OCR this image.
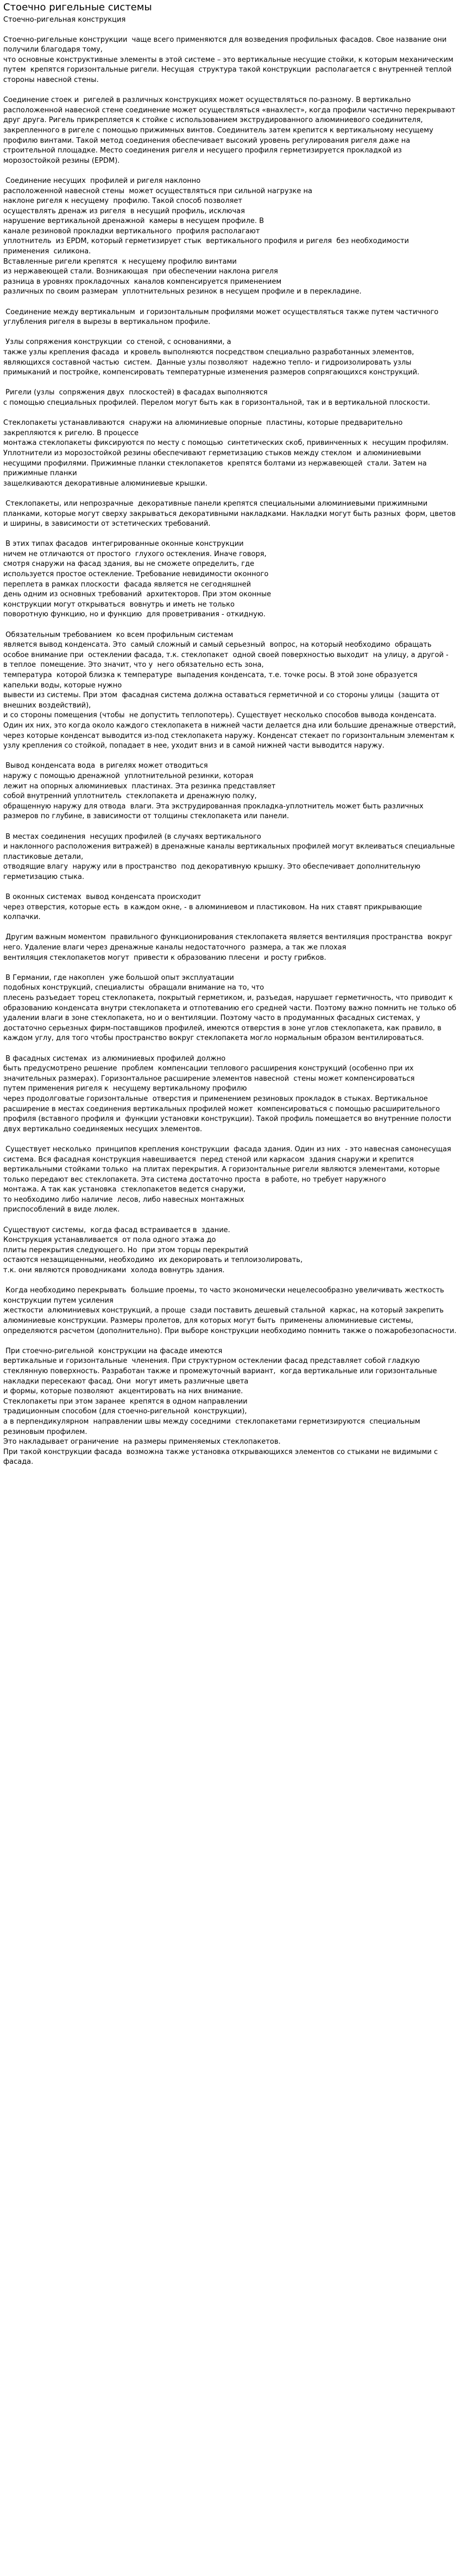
Стоечно ригельные системы
Стоечно-ригельная конструкция

Стоечно-ригельные конструкции  чаще всего применяются для возведения профильных фасадов. Свое название они  получили благодаря тому,
что основные конструктивные элементы в этой системе – это вертикальные несущие стойки, к которым механическим путем  крепятся горизонтальные ригели. Несущая  структура такой конструкции  располагается с внутренней теплой стороны навесной стены.

Соединение стоек и  ригелей в различных конструкциях может осуществляться по-разному. В вертикально расположенной навесной стене соединение может осуществляться «внахлест», когда профили частично перекрывают друг друга. Ригель прикрепляется к стойке с использованием экструдированного алюминиевого соединителя, закрепленного в ригеле с помощью прижимных винтов. Соединитель затем крепится к вертикальному несущему профилю винтами. Такой метод соединения обеспечивает высокий уровень регулирования ригеля даже на строительной площадке. Место соединения ригеля и несущего профиля герметизируется прокладкой из морозостойкой резины (EPDM).

Соединение несущих  профилей и ригеля наклонно
расположенной навесной стены  может осуществляться при сильной нагрузке на
наклоне ригеля к несущему  профилю. Такой способ позволяет
осуществлять дренаж из ригеля  в несущий профиль, исключая
нарушение вертикальной дренажной  камеры в несущем профиле. В
канале резиновой прокладки вертикального  профиля располагают
уплотнитель  из EPDM, который герметизирует стык  вертикального профиля и ригеля  без необходимости применения  силикона.
Вставленные ригели крепятся  к несущему профилю винтами
из нержавеющей стали. Возникающая  при обеспечении наклона ригеля
разница в уровнях прокладочных  каналов компенсируется применением
различных по своим размерам  уплотнительных резинок в несущем профиле и в перекладине.

Соединение между вертикальным  и горизонтальным профилями может осуществляться также путем частичного  углубления ригеля в вырезы в вертикальном профиле.

Узлы сопряжения конструкции  со стеной, с основаниями, а
также узлы крепления фасада  и кровель выполняются посредством специально разработанных элементов,   являющихся составной частью  систем.  Данные узлы позволяют  надежно тепло- и гидроизолировать узлы примыканий и постройке, компенсировать температурные изменения размеров сопрягающихся конструкций.

Ригели (узлы  сопряжения двух  плоскостей) в фасадах выполняются
с помощью специальных профилей. Перелом могут быть как в горизонтальной, так и в вертикальной плоскости.

Стеклопакеты устанавливаются  снаружи на алюминиевые опорные  пластины, которые предварительно закрепляются к ригелю. В процессе
монтажа стеклопакеты фиксируются по месту с помощью  синтетических скоб, привинченных к  несущим профилям. Уплотнители из морозостойкой резины обеспечивают герметизацию стыков между стеклом  и алюминиевыми несущими профилями. Прижимные планки стеклопакетов  крепятся болтами из нержавеющей  стали. Затем на прижимные планки
защелкиваются декоративные алюминиевые крышки.

Стеклопакеты, или непрозрачные  декоративные панели крепятся специальными алюминиевыми прижимными  планками, которые могут сверху закрываться декоративными накладками. Накладки могут быть разных  форм, цветов и ширины, в зависимости от эстетических требований.

В этих типах фасадов  интегрированные оконные конструкции
ничем не отличаются от простого  глухого остекления. Иначе говоря,
смотря снаружи на фасад здания, вы не сможете определить, где
используется простое остекление. Требование невидимости оконного
переплета в рамках плоскости  фасада является не сегодняшней
день одним из основных требований  архитекторов. При этом оконные
конструкции могут открываться  вовнутрь и иметь не только
поворотную функцию, но и функцию  для проветривания - откидную.

Обязательным требованием  ко всем профильным системам
является вывод конденсата. Это  самый сложный и самый серьезный  вопрос, на который необходимо  обращать особое внимание при  остеклении фасада, т.к. стеклопакет  одной своей поверхностью выходит  на улицу, а другой -
в теплое  помещение. Это значит, что у  него обязательно есть зона,
температура  которой близка к температуре  выпадения конденсата, т.е. точке росы. В этой зоне образуется  капельки воды, которые нужно
вывести из системы. При этом  фасадная система должна оставаться герметичной и со стороны улицы  (защита от внешних воздействий),
и со стороны помещения (чтобы  не допустить теплопотерь). Существует несколько способов вывода конденсата. Один их них, это когда около каждого стеклопакета в нижней части делается дна или большие дренажные отверстий, через которые конденсат выводится из-под стеклопакета наружу. Конденсат стекает по горизонтальным элементам к узлу крепления со стойкой, попадает в нее, уходит вниз и в самой нижней части выводится наружу.

Вывод конденсата вода  в ригелях может отводиться
наружу с помощью дренажной  уплотнительной резинки, которая
лежит на опорных алюминиевых  пластинах. Эта резинка представляет
собой внутренний уплотнитель  стеклопакета и дренажную полку,
обращенную наружу для отвода  влаги. Эта экструдированная прокладка-уплотнитель может быть различных размеров по глубине, в зависимости от толщины стеклопакета или панели.

В местах соединения  несущих профилей (в случаях вертикального
и наклонного расположения витражей) в дренажные каналы вертикальных профилей могут вклеиваться специальные  пластиковые детали,
отводящие влагу  наружу или в пространство  под декоративную крышку. Это обеспечивает дополнительную герметизацию стыка.

В оконных системах  вывод конденсата происходит
через отверстия, которые есть  в каждом окне, - в алюминиевом и пластиковом. На них ставят прикрывающие колпачки.

Другим важным моментом  правильного функционирования стеклопакета является вентиляция пространства  вокруг него. Удаление влаги через дренажные каналы недостаточного  размера, а так же плохая
вентиляция стеклопакетов могут  привести к образованию плесени  и росту грибков.

В Германии, где накоплен  уже большой опыт эксплуатации
подобных конструкций, специалисты  обращали внимание на то, что
плесень разъедает торец стеклопакета, покрытый герметиком, и, разъедая, нарушает герметичность, что приводит к образованию конденсата внутри стеклопакета и отпотеванию его средней части. Поэтому важно помнить не только об удалении влаги в зоне стеклопакета, но и о вентиляции. Поэтому часто в продуманных фасадных системах, у достаточно серьезных фирм-поставщиков профилей, имеются отверстия в зоне углов стеклопакета, как правило, в каждом углу, для того чтобы пространство вокруг стеклопакета могло нормальным образом вентилироваться.

В фасадных системах  из алюминиевых профилей должно
быть предусмотрено решение  проблем  компенсации теплового расширения конструкций (особенно при их  значительных размерах). Горизонтальное расширение элементов навесной  стены может компенсироваться
путем применения ригеля к  несущему вертикальному профилю
через продолговатые горизонтальные  отверстия и применением резиновых прокладок в стыках. Вертикальное  расширение в местах соединения вертикальных профилей может  компенсироваться с помощью расширительного профиля (вставного профиля и  функции установки конструкции). Такой профиль помещается во внутренние полости  двух вертикально соединяемых несущих элементов.

Существует несколько  принципов крепления конструкции  фасада здания. Один из них  - это навесная самонесущая система. Вся фасадная конструкция навешивается  перед стеной или каркасом  здания снаружи и крепится вертикальными стойками только  на плитах перекрытия. А горизонтальные ригели являются элементами, которые только передают вес стеклопакета. Эта система достаточно проста  в работе, но требует наружного
монтажа. А так как установка  стеклопакетов ведется снаружи,
то необходимо либо наличие  лесов, либо навесных монтажных
приспособлений в виде люлек.

Существуют системы,  когда фасад встраивается в  здание.
Конструкция устанавливается  от пола одного этажа до
плиты перекрытия следующего. Но  при этом торцы перекрытий
остаются незащищенными, необходимо  их декорировать и теплоизолировать,
т.к. они являются проводниками  холода вовнутрь здания.

Когда необходимо перекрывать  большие проемы, то часто экономически нецелесообразно увеличивать жесткость  конструкции путем усиления
жесткости  алюминиевых конструкций, а проще  сзади поставить дешевый стальной  каркас, на который закрепить алюминиевые конструкции. Размеры пролетов, для которых могут быть  применены алюминиевые системы,
определяются расчетом (дополнительно). При выборе конструкции необходимо помнить также о пожаробезопасности.

При стоечно-ригельной  конструкции на фасаде имеются
вертикальные и горизонтальные  членения. При структурном остеклении фасад представляет собой гладкую  стеклянную поверхность. Разработан также и промежуточный вариант,  когда вертикальные или горизонтальные накладки пересекают фасад. Они  могут иметь различные цвета
и формы, которые позволяют  акцентировать на них внимание.
Стеклопакеты при этом заранее  крепятся в одном направлении
традиционным способом (для стоечно-ригельной  конструкции),
а в перпендикулярном  направлении швы между соседними  стеклопакетами герметизируются  специальным резиновым профилем.
Это накладывает ограничение  на размеры применяемых стеклопакетов.
При такой конструкции фасада  возможна также установка открывающихся элементов со стыками не видимыми с фасада.
